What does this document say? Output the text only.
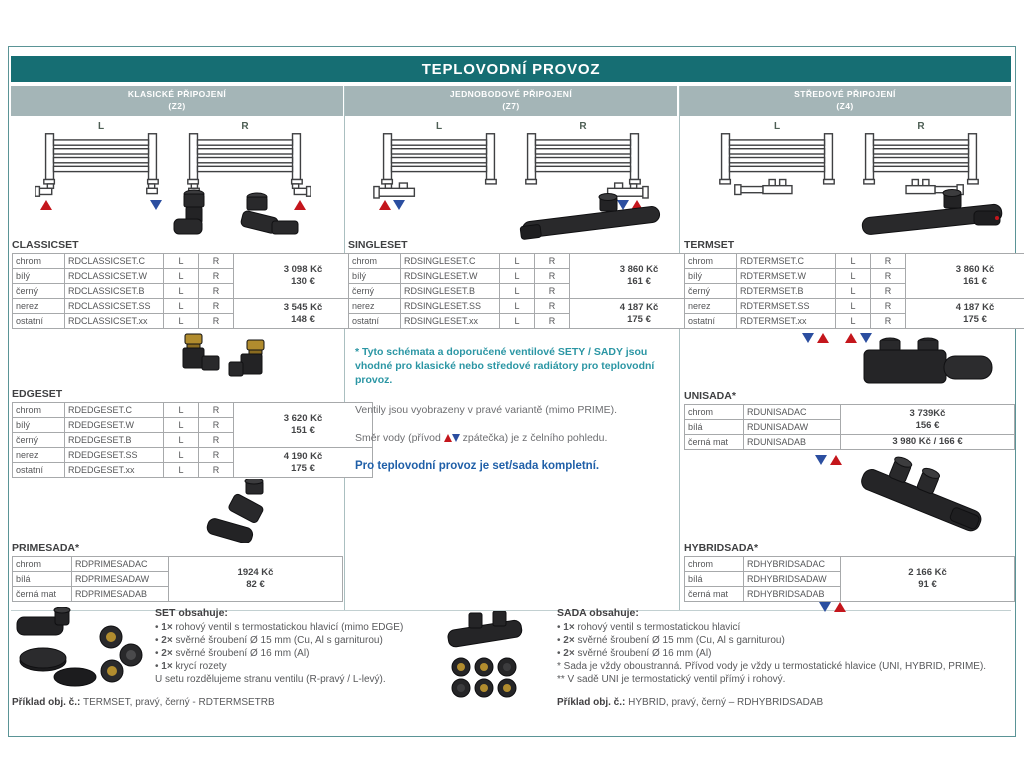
TEPLOVODNÍ PROVOZ
KLASICKÉ PŘIPOJENÍ
(Z2)
JEDNOBODOVÉ PŘIPOJENÍ
(Z7)
STŘEDOVÉ PŘIPOJENÍ
(Z4)
L	R	L	R	L	R
CLASSICSET
chrom	RDCLASSICSET.C	L	R	3 098 Kč
130 €
bílý	RDCLASSICSET.W	L	R	
černý	RDCLASSICSET.B	L	R	
nerez	RDCLASSICSET.SS	L	R	3 545 Kč
148 €
ostatní	RDCLASSICSET.xx	L	R	
SINGLESET
chrom	RDSINGLESET.C	L	R	3 860 Kč
161 €
bílý	RDSINGLESET.W	L	R	
černý	RDSINGLESET.B	L	R	
nerez	RDSINGLESET.SS	L	R	4 187 Kč
175 €
ostatní	RDSINGLESET.xx	L	R	
TERMSET
chrom	RDTERMSET.C	L	R	3 860 Kč
161 €
bílý	RDTERMSET.W	L	R	
černý	RDTERMSET.B	L	R	
nerez	RDTERMSET.SS	L	R	4 187 Kč
175 €
ostatní	RDTERMSET.xx	L	R	
EDGESET
chrom	RDEDGESET.C	L	R	3 620 Kč
151 €
bílý	RDEDGESET.W	L	R	
černý	RDEDGESET.B	L	R	
nerez	RDEDGESET.SS	L	R	4 190 Kč
175 €
ostatní	RDEDGESET.xx	L	R	
PRIMESADA*
chrom	RDPRIMESADAC	1924 Kč
82 €
bílá	RDPRIMESADAW	
černá mat	RDPRIMESADAB	
UNISADA*
chrom	RDUNISADAC	3 739Kč
156 €
bílá	RDUNISADAW	
černá mat	RDUNISADAB	3 980 Kč / 166 €
HYBRIDSADA*
chrom	RDHYBRIDSADAC	2 166 Kč
91 €
bílá	RDHYBRIDSADAW	
černá mat	RDHYBRIDSADAB	
* Tyto schémata a doporučené ventilové SETY / SADY jsou vhodné pro klasické nebo středové radiátory pro teplovodní provoz.
Ventily jsou vyobrazeny v pravé variantě (mimo PRIME).
Směr vody (přívod zpátečka) je z čelního pohledu.
Pro teplovodní provoz je set/sada kompletní.
SET obsahuje:
• 1× rohový ventil s termostatickou hlavicí (mimo EDGE)
• 2× svěrné šroubení Ø 15 mm (Cu, Al s garniturou)
• 2× svěrné šroubení Ø 16 mm (Al)
• 1× krycí rozety
U setu rozdělujeme stranu ventilu (R-pravý / L-levý).
SADA obsahuje:
• 1× rohový ventil s termostatickou hlavicí
• 2× svěrné šroubení Ø 15 mm (Cu, Al s garniturou)
• 2× svěrné šroubení Ø 16 mm (Al)
* Sada je vždy oboustranná. Přívod vody je vždy u termostatické hlavice (UNI, HYBRID, PRIME).
** V sadě UNI je termostatický ventil přímý i rohový.
Příklad obj. č.: TERMSET, pravý, černý - RDTERMSETRB	Příklad obj. č.: HYBRID, pravý, černý – RDHYBRIDSADAB
